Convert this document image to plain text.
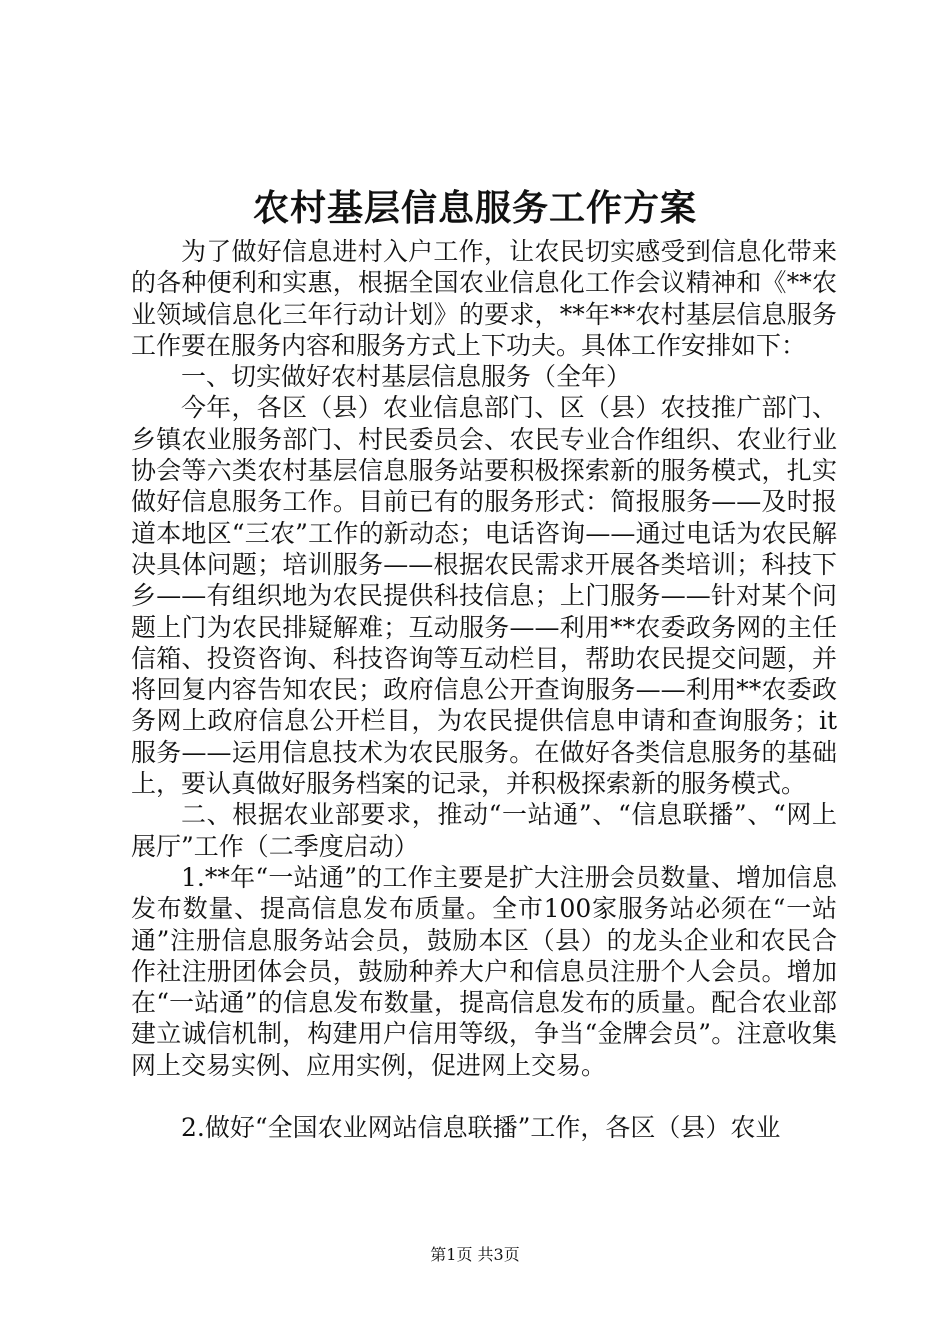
农村基层信息服务工作方案

为了做好信息进村入户工作，让农民切实感受到信息化带来的各种便利和实惠，根据全国农业信息化工作会议精神和《**农业领域信息化三年行动计划》的要求，**年**农村基层信息服务工作要在服务内容和服务方式上下功夫。具体工作安排如下：

一、切实做好农村基层信息服务（全年）

今年，各区（县）农业信息部门、区（县）农技推广部门、乡镇农业服务部门、村民委员会、农民专业合作组织、农业行业协会等六类农村基层信息服务站要积极探索新的服务模式，扎实做好信息服务工作。目前已有的服务形式：简报服务——及时报道本地区“三农”工作的新动态；电话咨询——通过电话为农民解决具体问题；培训服务——根据农民需求开展各类培训；科技下乡——有组织地为农民提供科技信息；上门服务——针对某个问题上门为农民排疑解难；互动服务——利用**农委政务网的主任信箱、投资咨询、科技咨询等互动栏目，帮助农民提交问题，并将回复内容告知农民；政府信息公开查询服务——利用**农委政务网上政府信息公开栏目，为农民提供信息申请和查询服务；it服务——运用信息技术为农民服务。在做好各类信息服务的基础上，要认真做好服务档案的记录，并积极探索新的服务模式。

二、根据农业部要求，推动“一站通”、“信息联播”、“网上展厅”工作（二季度启动）

1.**年“一站通”的工作主要是扩大注册会员数量、增加信息发布数量、提高信息发布质量。全市100家服务站必须在“一站通”注册信息服务站会员，鼓励本区（县）的龙头企业和农民合作社注册团体会员，鼓励种养大户和信息员注册个人会员。增加在“一站通”的信息发布数量，提高信息发布的质量。配合农业部建立诚信机制，构建用户信用等级，争当“金牌会员”。注意收集网上交易实例、应用实例，促进网上交易。

2.做好“全国农业网站信息联播”工作，各区（县）农业

第1页 共3页
